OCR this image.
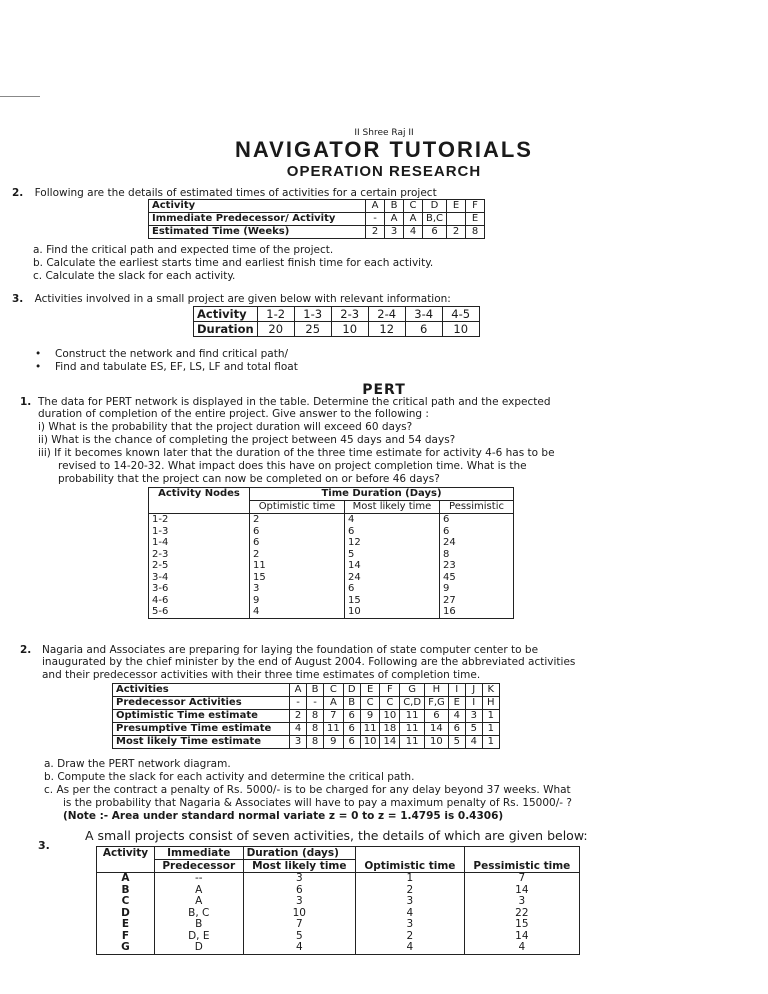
II Shree Raj II
NAVIGATOR TUTORIALS
OPERATION RESEARCH
2. Following are the details of estimated times of activities for a certain project
Activity	A	B	C	D	E	F
Immediate Predecessor/ Activity	-	A	A	B,C		E
Estimated Time (Weeks)	2	3	4	6	2	8
a. Find the critical path and expected time of the project.
b. Calculate the earliest starts time and earliest finish time for each activity.
c. Calculate the slack for each activity.
3. Activities involved in a small project are given below with relevant information:
Activity	1-2	1-3	2-3	2-4	3-4	4-5
Duration	20	25	10	12	6	10
• Construct the network and find critical path/
• Find and tabulate ES, EF, LS, LF and total float
PERT
1. The data for PERT network is displayed in the table. Determine the critical path and the expected
duration of completion of the entire project. Give answer to the following :
i) What is the probability that the project duration will exceed 60 days?
ii) What is the chance of completing the project between 45 days and 54 days?
iii) If it becomes known later that the duration of the three time estimate for activity 4-6 has to be
revised to 14-20-32. What impact does this have on project completion time. What is the
probability that the project can now be completed on or before 46 days?
Activity Nodes	Time Duration (Days)		
	Optimistic time	Most likely time	Pessimistic
1-2	2	4	6
1-3	6	6	6
1-4	6	12	24
2-3	2	5	8
2-5	11	14	23
3-4	15	24	45
3-6	3	6	9
4-6	9	15	27
5-6	4	10	16
2. Nagaria and Associates are preparing for laying the foundation of state computer center to be
inaugurated by the chief minister by the end of August 2004. Following are the abbreviated activities
and their predecessor activities with their three time estimates of completion time.
Activities	A	B	C	D	E	F	G	H	I	J	K
Predecessor Activities	-	-	A	B	C	C	C,D	F,G	E	I	H
Optimistic Time estimate	2	8	7	6	9	10	11	6	4	3	1
Presumptive Time estimate	4	8	11	6	11	18	11	14	6	5	1
Most likely Time estimate	3	8	9	6	10	14	11	10	5	4	1
a. Draw the PERT network diagram.
b. Compute the slack for each activity and determine the critical path.
c. As per the contract a penalty of Rs. 5000/- is to be charged for any delay beyond 37 weeks. What
is the probability that Nagaria & Associates will have to pay a maximum penalty of Rs. 15000/- ?
(Note :- Area under standard normal variate z = 0 to z = 1.4795 is 0.4306)
3.
A small projects consist of seven activities, the details of which are given below:
Activity	Immediate	Duration (days)	Optimistic time	Pessimistic time
	Predecessor	Most likely time		
A	--	3	1	7
B	A	6	2	14
C	A	3	3	3
D	B, C	10	4	22
E	B	7	3	15
F	D, E	5	2	14
G	D	4	4	4
